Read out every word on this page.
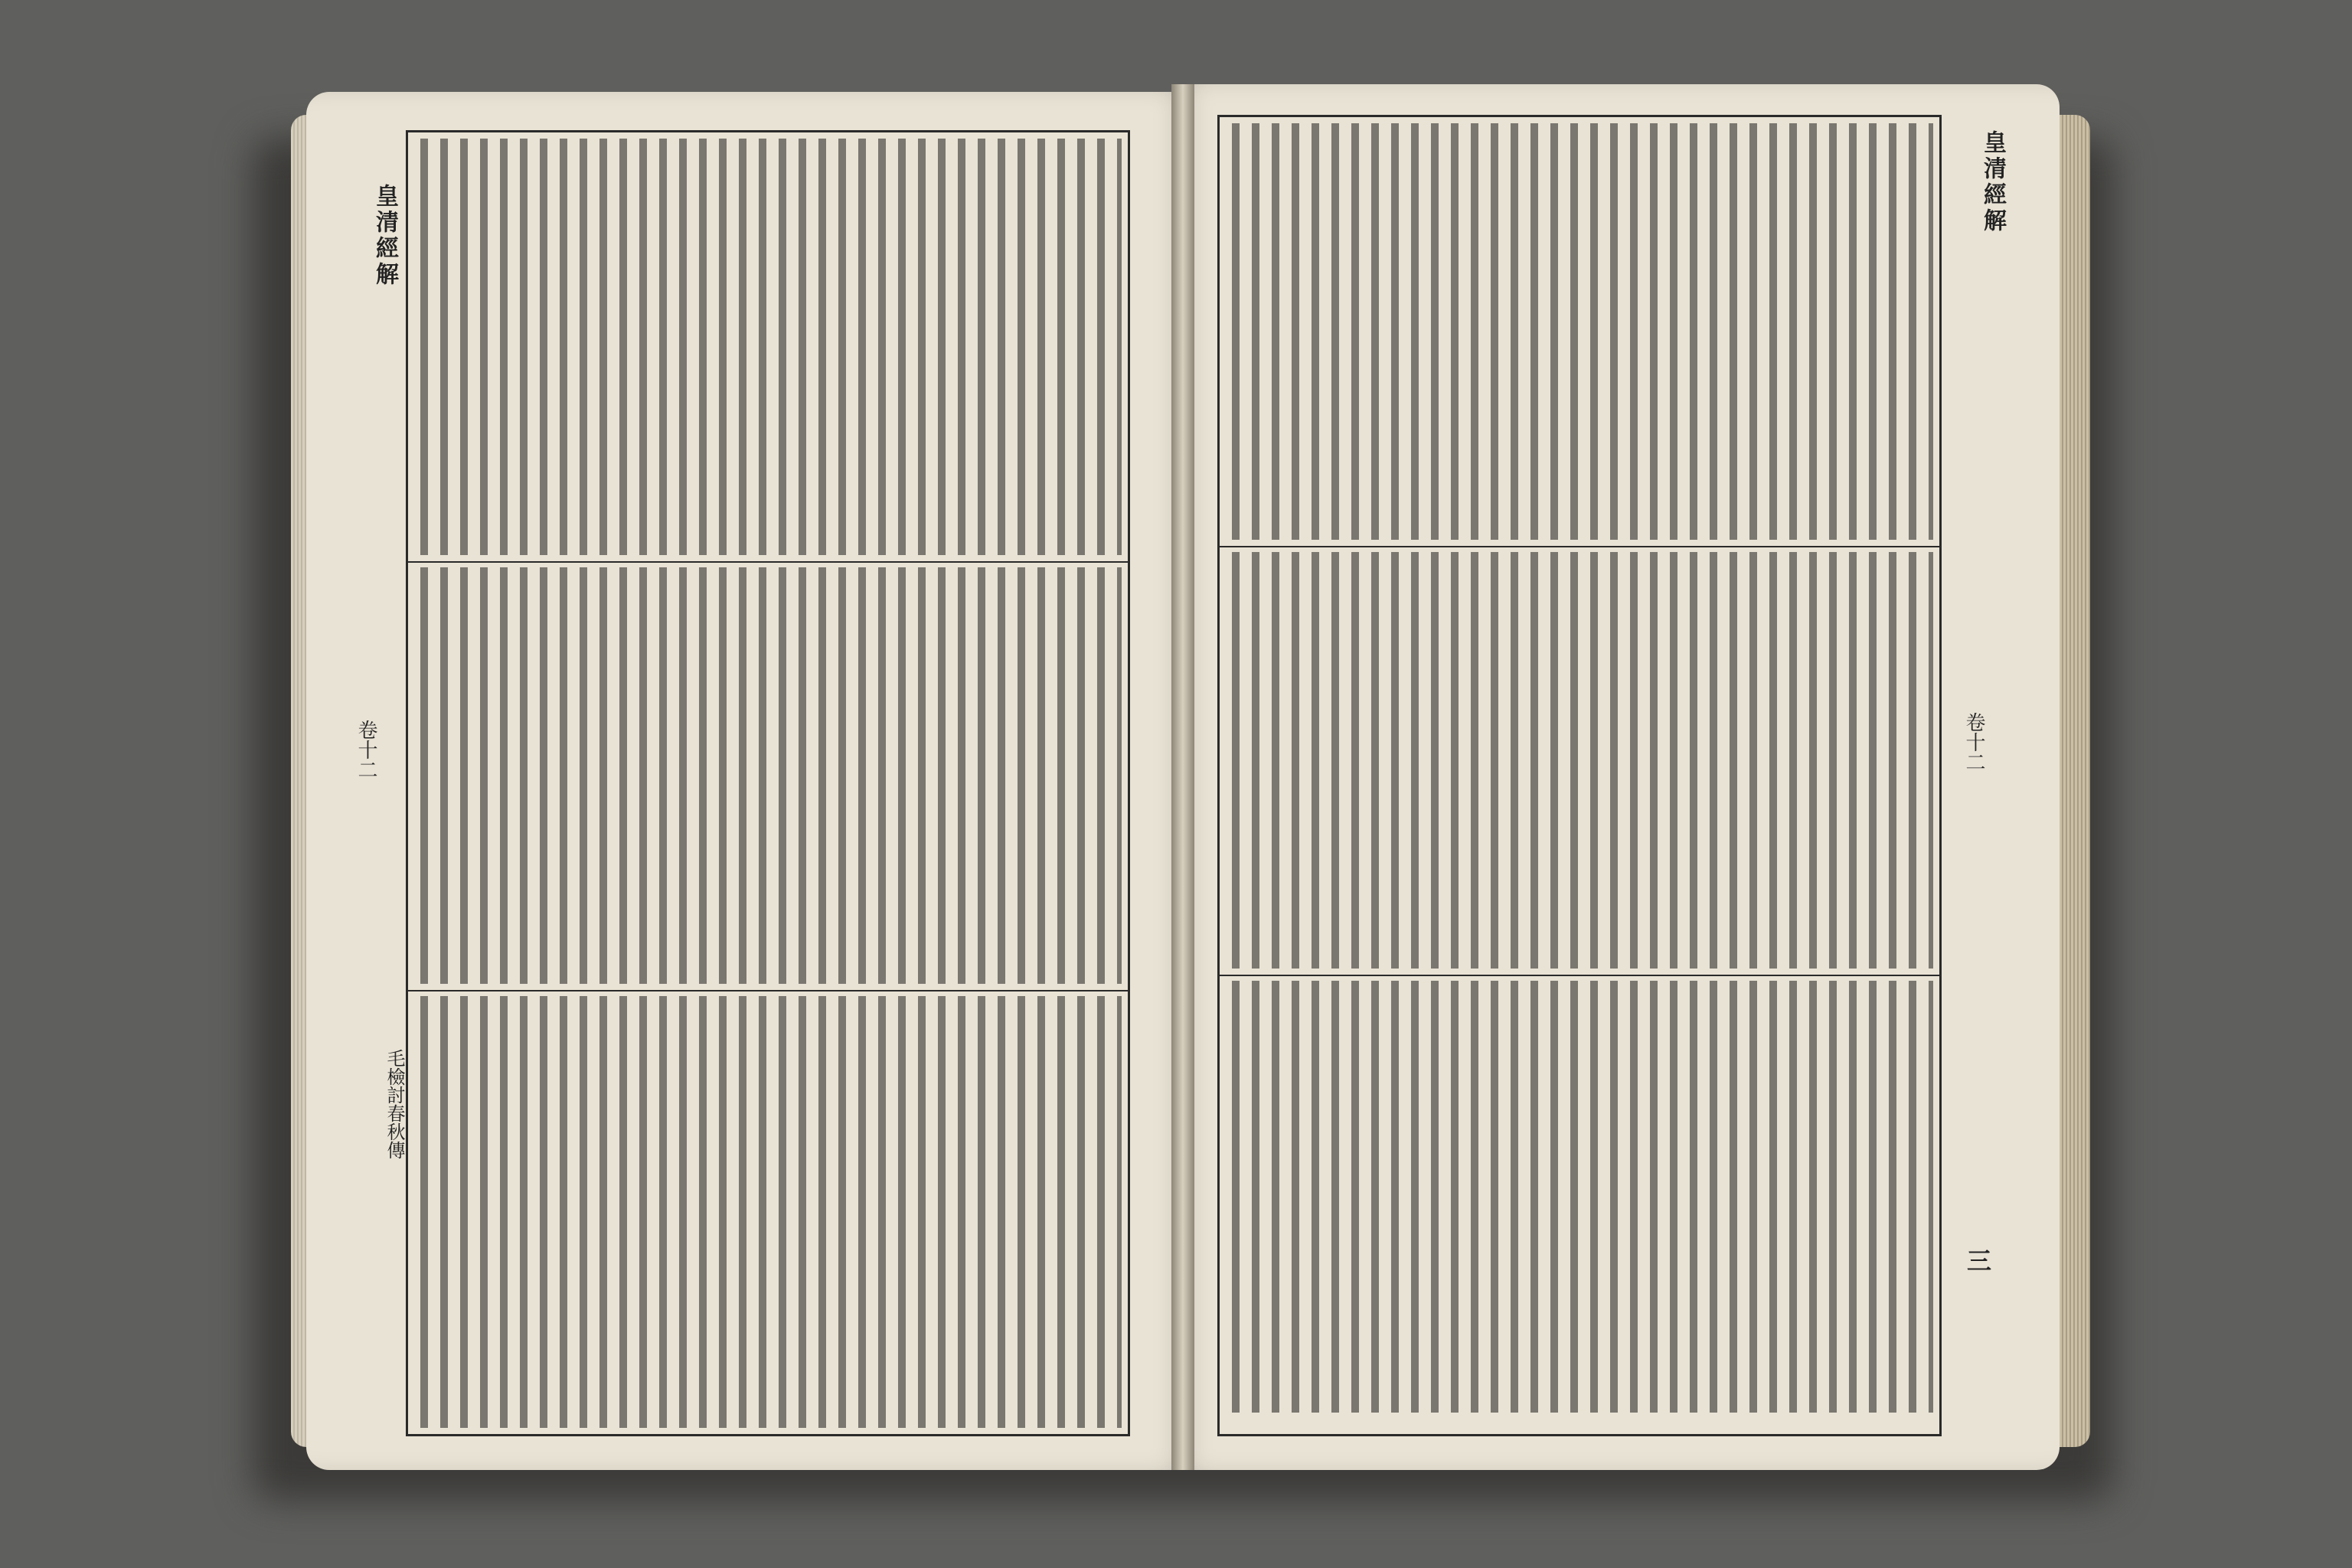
皇清經解
卷十二
毛檢討春秋傳
皇清經解
卷十二
三
